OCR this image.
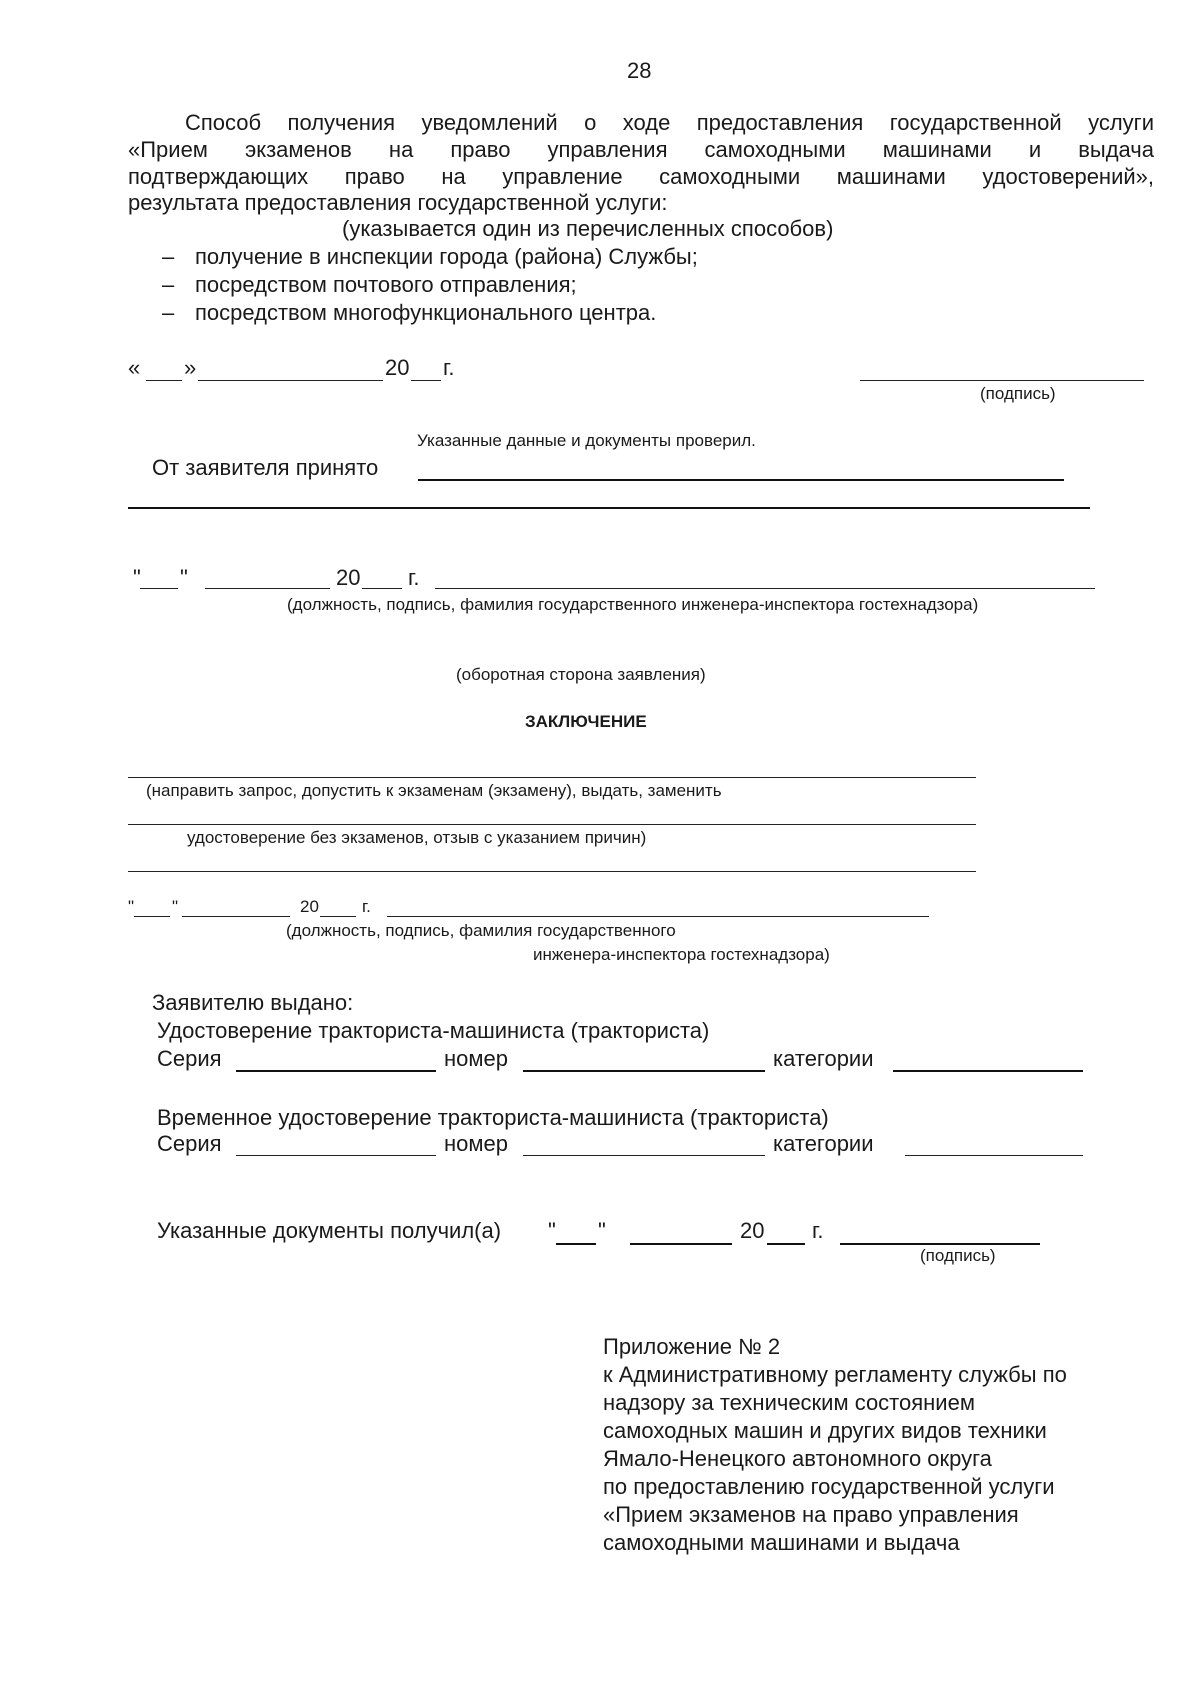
28
Способ получения уведомлений о ходе предоставления государственной услуги
«Прием экзаменов на право управления самоходными машинами и выдача
подтверждающих право на управление самоходными машинами удостоверений»,
результата предоставления государственной услуги:
(указывается один из перечисленных способов)
– получение в инспекции города (района) Службы;
– посредством почтового отправления;
– посредством многофункционального центра.
« »	20 г.
(подпись)
Указанные данные и документы проверил.
От заявителя принято
" "	20 г.
(должность, подпись, фамилия государственного инженера-инспектора гостехнадзора)
(оборотная сторона заявления)
ЗАКЛЮЧЕНИЕ
(направить запрос, допустить к экзаменам (экзамену), выдать, заменить
удостоверение без экзаменов, отзыв с указанием причин)
" "	20	г.
(должность, подпись, фамилия государственного
инженера-инспектора гостехнадзора)
Заявителю выдано:
Удостоверение тракториста-машиниста (тракториста)
Серия	номер	категории
Временное удостоверение тракториста-машиниста (тракториста)
Серия	номер	категории
Указанные документы получил(а) " "	20 г.
(подпись)
Приложение № 2
к Административному регламенту службы по
надзору за техническим состоянием
самоходных машин и других видов техники
Ямало-Ненецкого автономного округа
по предоставлению государственной услуги
«Прием экзаменов на право управления
самоходными машинами и выдача
